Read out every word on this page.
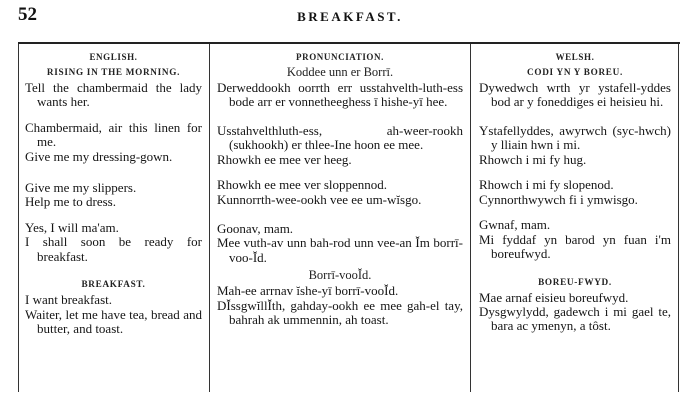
52	BREAKFAST.
ENGLISH.
RISING IN THE MORNING.
Tell the chambermaid the lady wants her.
Chambermaid, air this linen for me.
Give me my dressing-gown.
Give me my slippers.
Help me to dress.
Yes, I will ma'am.
I shall soon be ready for breakfast.
BREAKFAST.
I want breakfast.
Waiter, let me have tea, bread and butter, and toast.
PRONUNCIATION.
Koddee unn er Borrī.
Derweddookh oorrth err usstahvelth-luth-ess bode arr er vonnetheeghess ī hishe-yī hee.
Usstahvelthluth-ess, ah-weer-rookh (sukhookh) er thlee-Ine hoon ee mee.
Rhowkh ee mee ver heeg.
Rhowkh ee mee ver sloppennod.
Kunnorrth-wee-ookh vee ee um-wĭsgo.
Goonav, mam.
Mee vuth-av unn bah-rod unn vee-an Ĭm borrī-voo-Ĭd.
Borrī-vooĬd.
Mah-ee arrnav ĭshe-yī borrī-vooĬd.
DĬssgwĭllĬth, gahday-ookh ee mee gah-el tay, bahrah ak ummennin, ah toast.
WELSH.
CODI YN Y BOREU.
Dywedwch wrth yr ystafell-yddes bod ar y foneddiges ei heisieu hi.
Ystafellyddes, awyrwch (syc-hwch) y lliain hwn i mi.
Rhowch i mi fy hug.
Rhowch i mi fy slopenod.
Cynnorthwywch fi i ymwisgo.
Gwnaf, mam.
Mi fyddaf yn barod yn fuan i'm boreufwyd.
BOREU-FWYD.
Mae arnaf eisieu boreufwyd.
Dysgwylydd, gadewch i mi gael te, bara ac ymenyn, a tôst.
